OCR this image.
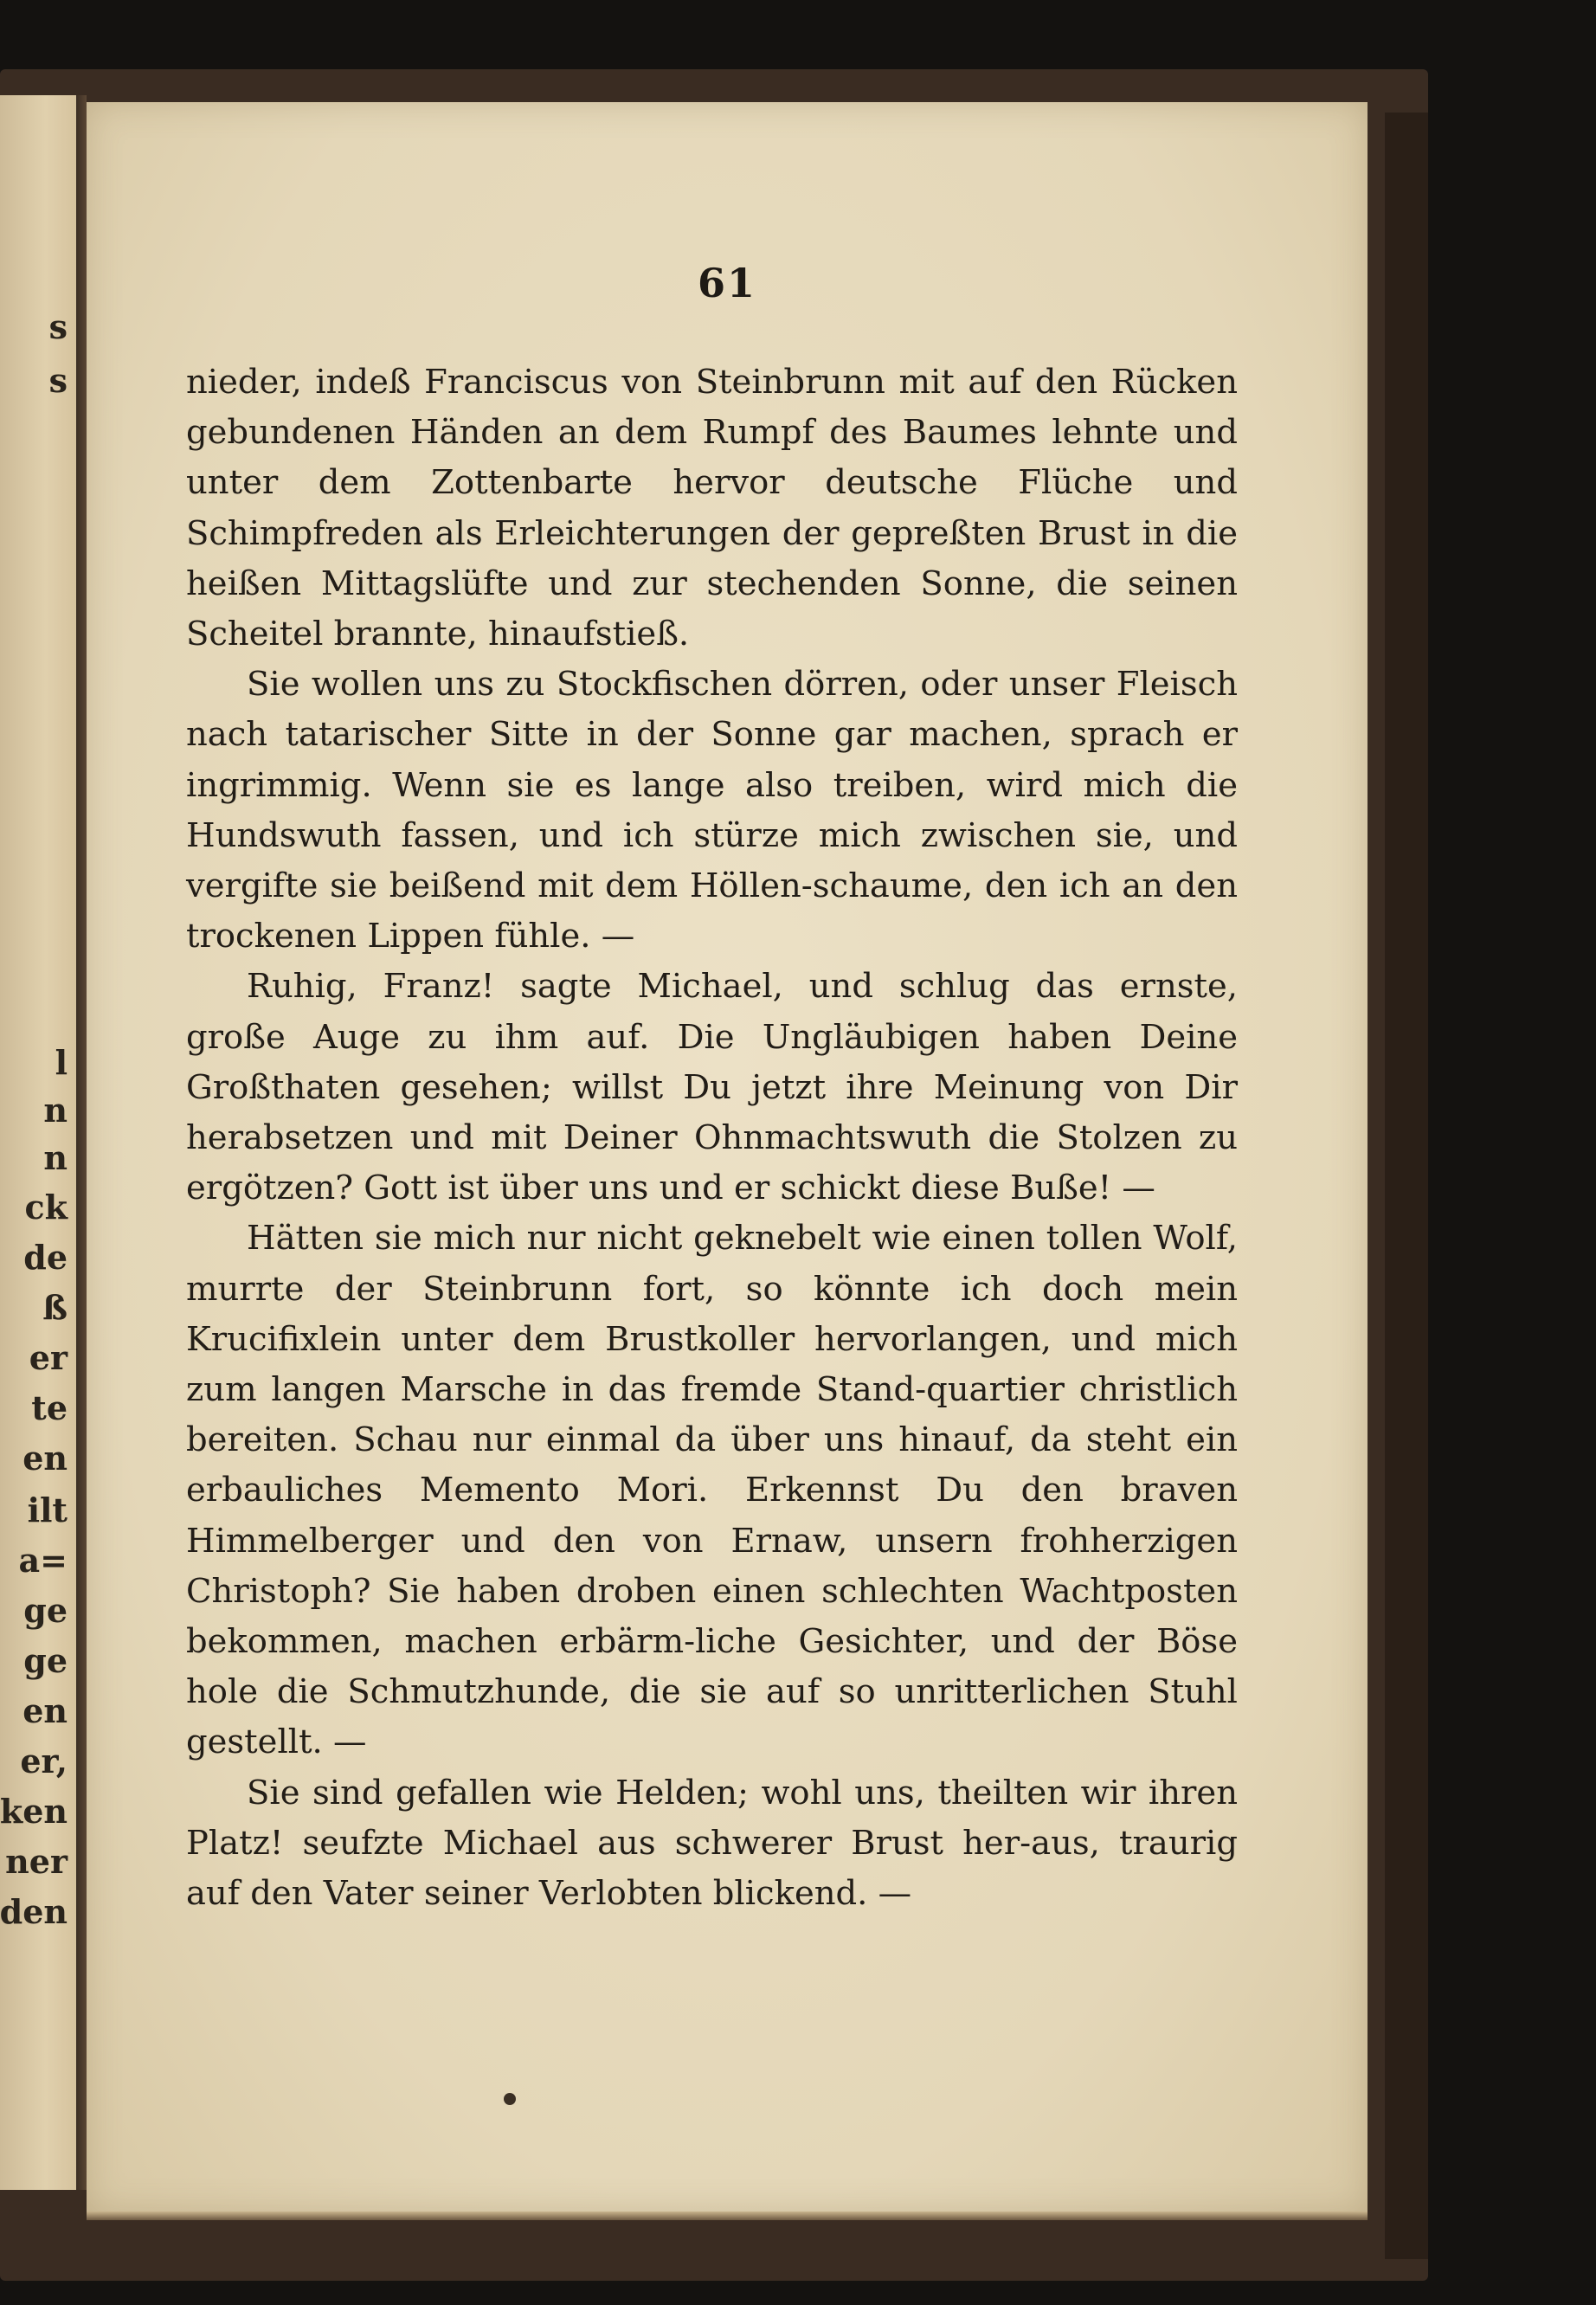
s
s
l
n
n
ck
de
ß
er
te
en
ilt
a=
ge
ge
en
er,
ken
ner
den
61

nieder, indeß Franciscus von Steinbrunn mit auf den Rücken gebundenen Händen an dem Rumpf des Baumes lehnte und unter dem Zottenbarte hervor deutsche Flüche und Schimpfreden als Erleichterungen der gepreßten Brust in die heißen Mittagslüfte und zur stechenden Sonne, die seinen Scheitel brannte, hinaufstieß.

Sie wollen uns zu Stockfischen dörren, oder unser Fleisch nach tatarischer Sitte in der Sonne gar machen, sprach er ingrimmig. Wenn sie es lange also treiben, wird mich die Hundswuth fassen, und ich stürze mich zwischen sie, und vergifte sie beißend mit dem Höllen-schaume, den ich an den trockenen Lippen fühle. —

Ruhig, Franz! sagte Michael, und schlug das ernste, große Auge zu ihm auf. Die Ungläubigen haben Deine Großthaten gesehen; willst Du jetzt ihre Meinung von Dir herabsetzen und mit Deiner Ohnmachtswuth die Stolzen zu ergötzen? Gott ist über uns und er schickt diese Buße! —

Hätten sie mich nur nicht geknebelt wie einen tollen Wolf, murrte der Steinbrunn fort, so könnte ich doch mein Krucifixlein unter dem Brustkoller hervorlangen, und mich zum langen Marsche in das fremde Stand-quartier christlich bereiten. Schau nur einmal da über uns hinauf, da steht ein erbauliches Memento Mori. Erkennst Du den braven Himmelberger und den von Ernaw, unsern frohherzigen Christoph? Sie haben droben einen schlechten Wachtposten bekommen, machen erbärm-liche Gesichter, und der Böse hole die Schmutzhunde, die sie auf so unritterlichen Stuhl gestellt. —

Sie sind gefallen wie Helden; wohl uns, theilten wir ihren Platz! seufzte Michael aus schwerer Brust her-aus, traurig auf den Vater seiner Verlobten blickend. —
